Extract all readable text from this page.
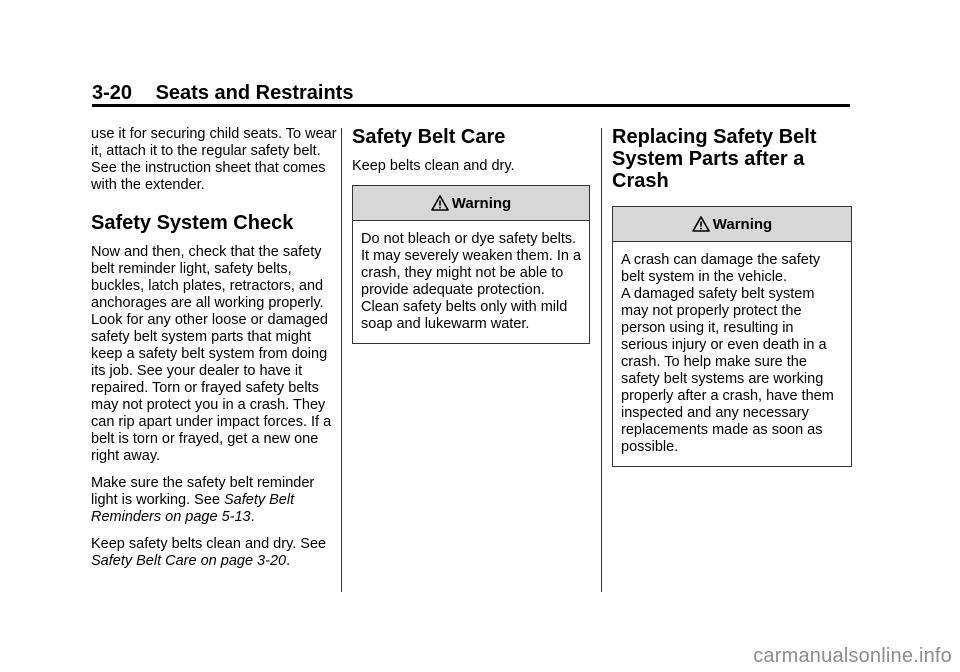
3-20 Seats and Restraints

use it for securing child seats. To wear it, attach it to the regular safety belt. See the instruction sheet that comes with the extender.

Safety System Check

Now and then, check that the safety belt reminder light, safety belts, buckles, latch plates, retractors, and anchorages are all working properly. Look for any other loose or damaged safety belt system parts that might keep a safety belt system from doing its job. See your dealer to have it repaired. Torn or frayed safety belts may not protect you in a crash. They can rip apart under impact forces. If a belt is torn or frayed, get a new one right away.

Make sure the safety belt reminder light is working. See Safety Belt Reminders on page 5-13.

Keep safety belts clean and dry. See Safety Belt Care on page 3-20.

Safety Belt Care

Keep belts clean and dry.

Warning
Do not bleach or dye safety belts. It may severely weaken them. In a crash, they might not be able to provide adequate protection. Clean safety belts only with mild soap and lukewarm water.
Replacing Safety Belt System Parts after a Crash
Warning
A crash can damage the safety belt system in the vehicle.
A damaged safety belt system may not properly protect the person using it, resulting in serious injury or even death in a crash. To help make sure the safety belt systems are working properly after a crash, have them inspected and any necessary replacements made as soon as possible.
carmanualsonline.info
